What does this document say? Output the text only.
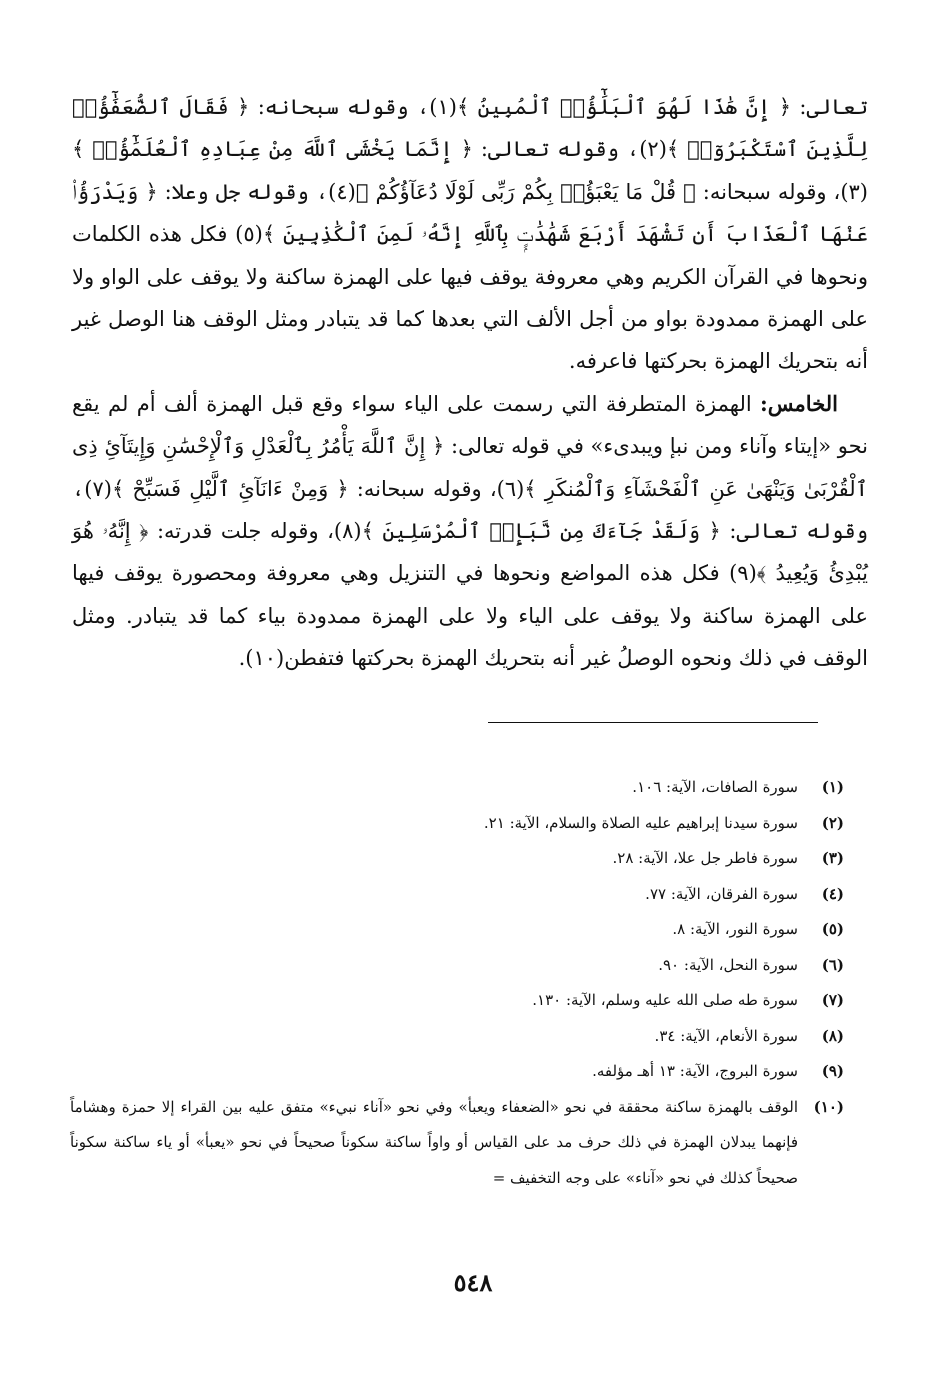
تعالى: ﴿ إِنَّ هَٰذَا لَهُوَ ٱلْبَلَٰٓؤُا۟ ٱلْمُبِينُ ﴾(١)، وقوله سبحانه: ﴿ فَقَالَ ٱلضُّعَفَٰٓؤُا۟ لِلَّذِينَ ٱسْتَكْبَرُوٓا۟ ﴾(٢)، وقوله تعالى: ﴿ إِنَّمَا يَخْشَى ٱللَّهَ مِنْ عِبَادِهِ ٱلْعُلَمَٰٓؤُا۟ ﴾(٣)، وقوله سبحانه: ﴿ قُلْ مَا يَعْبَؤُا۟ بِكُمْ رَبِّى لَوْلَا دُعَآؤُكُمْ ﴾(٤)، وقوله جل وعلا: ﴿ وَيَدْرَؤُا۟ عَنْهَا ٱلْعَذَابَ أَن تَشْهَدَ أَرْبَعَ شَهَٰدَٰتٍۭ بِٱللَّهِ إِنَّهُۥ لَمِنَ ٱلْكَٰذِبِينَ ﴾(٥) فكل هذه الكلمات ونحوها في القرآن الكريم وهي معروفة يوقف فيها على الهمزة ساكنة ولا يوقف على الواو ولا على الهمزة ممدودة بواو من أجل الألف التي بعدها كما قد يتبادر ومثل الوقف هنا الوصل غير أنه بتحريك الهمزة بحركتها فاعرفه.

الخامس: الهمزة المتطرفة التي رسمت على الياء سواء وقع قبل الهمزة ألف أم لم يقع نحو «إيتاء وآناء ومن نبإ ويبدىء» في قوله تعالى: ﴿ إِنَّ ٱللَّهَ يَأْمُرُ بِٱلْعَدْلِ وَٱلْإِحْسَٰنِ وَإِيتَآئِ ذِى ٱلْقُرْبَىٰ وَيَنْهَىٰ عَنِ ٱلْفَحْشَآءِ وَٱلْمُنكَرِ ﴾(٦)، وقوله سبحانه: ﴿ وَمِنْ ءَانَآئِ ٱلَّيْلِ فَسَبِّحْ ﴾(٧)، وقوله تعالى: ﴿ وَلَقَدْ جَآءَكَ مِن نَّبَإِى۟ ٱلْمُرْسَلِينَ ﴾(٨)، وقوله جلت قدرته: ﴿ إِنَّهُۥ هُوَ يُبْدِئُ وَيُعِيدُ ﴾(٩) فكل هذه المواضع ونحوها في التنزيل وهي معروفة ومحصورة يوقف فيها على الهمزة ساكنة ولا يوقف على الياء ولا على الهمزة ممدودة بياء كما قد يتبادر. ومثل الوقف في ذلك ونحوه الوصلُ غير أنه بتحريك الهمزة بحركتها فتفطن(١٠).

(١)
سورة الصافات، الآية: ١٠٦.
(٢)
سورة سيدنا إبراهيم عليه الصلاة والسلام، الآية: ٢١.
(٣)
سورة فاطر جل علا، الآية: ٢٨.
(٤)
سورة الفرقان، الآية: ٧٧.
(٥)
سورة النور، الآية: ٨.
(٦)
سورة النحل، الآية: ٩٠.
(٧)
سورة طه صلى الله عليه وسلم، الآية: ١٣٠.
(٨)
سورة الأنعام، الآية: ٣٤.
(٩)
سورة البروج، الآية: ١٣ أهـ مؤلفه.
(١٠)
الوقف بالهمزة ساكنة محققة في نحو «الضعفاء ويعبأ» وفي نحو «آناء نبيء» متفق عليه بين القراء إلا حمزة وهشاماً فإنهما يبدلان الهمزة في ذلك حرف مد على القياس أو واواً ساكنة سكوناً صحيحاً في نحو «يعبأ» أو ياء ساكنة سكوناً صحيحاً كذلك في نحو «آناء» على وجه التخفيف =
٥٤٨
